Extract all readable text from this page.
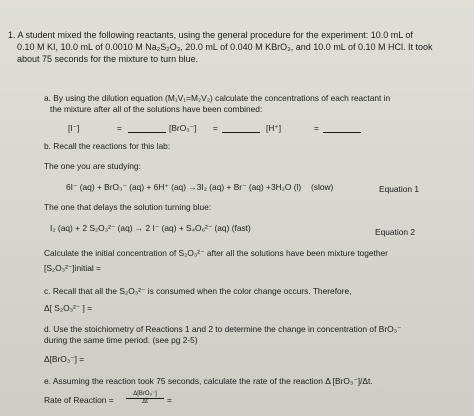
1. A student mixed the following reactants, using the general procedure for the experiment: 10.0 mL of
0.10 M KI, 10.0 mL of 0.0010 M Na₂S₂O₃, 20.0 mL of 0.040 M KBrO₃, and 10.0 mL of 0.10 M HCl. It took
about 75 seconds for the mixture to turn blue.
a. By using the dilution equation (M₁V₁=M₂V₂) calculate the concentrations of each reactant in
the mixture after all of the solutions have been combined:
[I⁻]	=	[BrO₃⁻] =	[H⁺]	=
b. Recall the reactions for this lab:
The one you are studying:
6I⁻ (aq) + BrO₃⁻ (aq) + 6H⁺ (aq) →3I₂ (aq) + Br⁻ (aq) +3H₂O (l) (slow)	Equation 1
The one that delays the solution turning blue:
I₂ (aq) + 2 S₂O₃²⁻ (aq) → 2 I⁻ (aq) + S₄O₆²⁻ (aq) (fast)	Equation 2
Calculate the initial concentration of S₂O₃²⁻ after all the solutions have been mixture together
[S₂O₃²⁻]initial =
c. Recall that all the S₂O₃²⁻ is consumed when the color change occurs. Therefore,
Δ[ S₂O₃²⁻ ] =
d. Use the stoichiometry of Reactions 1 and 2 to determine the change in concentration of BrO₃⁻
during the same time period. (see pg 2-5)
Δ[BrO₃⁻] =
e. Assuming the reaction took 75 seconds, calculate the rate of the reaction Δ [BrO₃⁻]/Δt.
Rate of Reaction =
Δ[BrO₃⁻]
Δt	=
